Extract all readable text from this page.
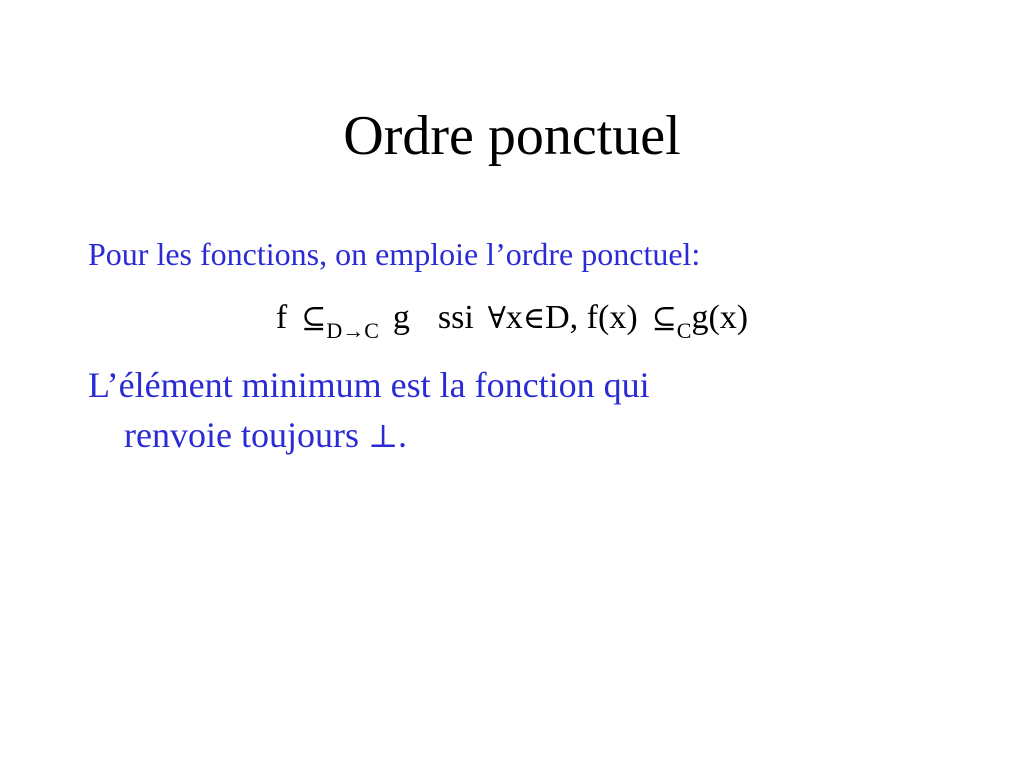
Ordre ponctuel
Pour les fonctions, on emploie l’ordre ponctuel:
f $⊆_{D\to C}$ g ssi ∀x∈D, f(x) $⊆_Cg(x)$
L’élément minimum est la fonction qui
renvoie toujours ⊥.
